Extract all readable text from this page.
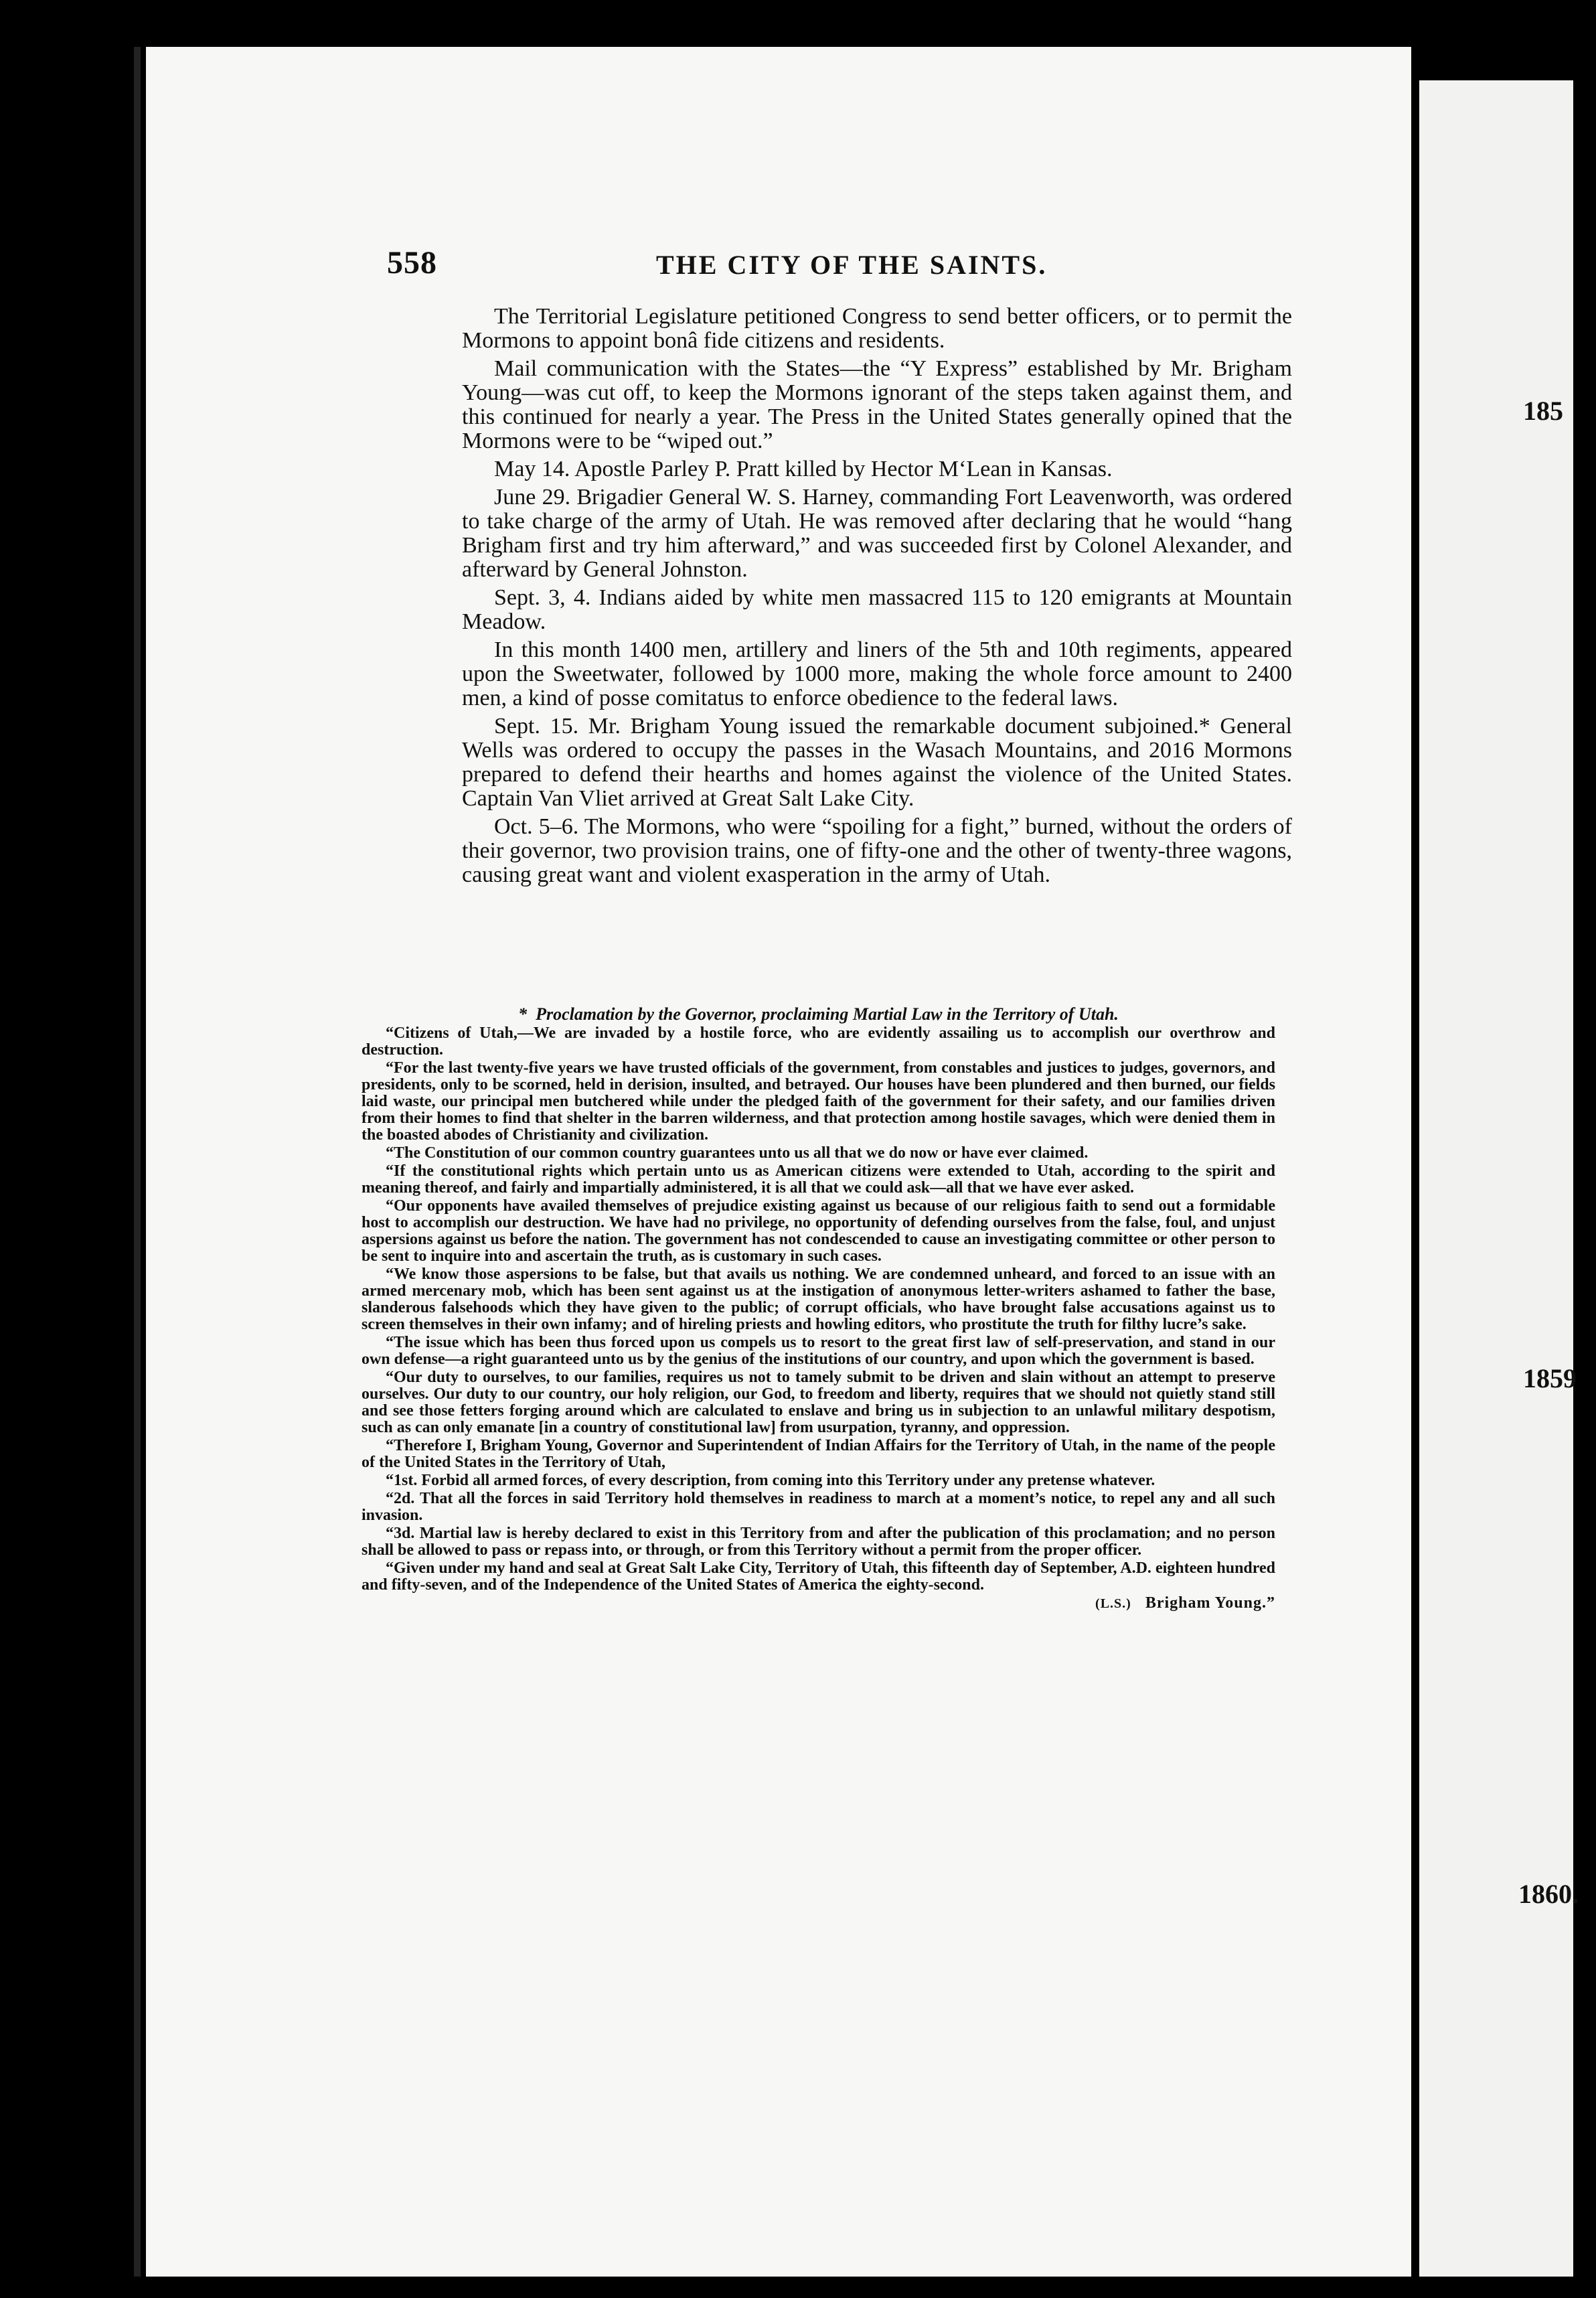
185
1859
1860.
558	THE CITY OF THE SAINTS.

The Territorial Legislature petitioned Congress to send better officers, or to permit the Mormons to appoint bonâ fide citizens and residents.

Mail communication with the States—the “Y Express” established by Mr. Brigham Young—was cut off, to keep the Mormons ignorant of the steps taken against them, and this continued for nearly a year. The Press in the United States generally opined that the Mormons were to be “wiped out.”

May 14. Apostle Parley P. Pratt killed by Hector M‘Lean in Kansas.

June 29. Brigadier General W. S. Harney, commanding Fort Leavenworth, was ordered to take charge of the army of Utah. He was removed after declaring that he would “hang Brigham first and try him afterward,” and was succeeded first by Colonel Alexander, and afterward by General Johnston.

Sept. 3, 4. Indians aided by white men massacred 115 to 120 emigrants at Mountain Meadow.

In this month 1400 men, artillery and liners of the 5th and 10th regiments, appeared upon the Sweetwater, followed by 1000 more, making the whole force amount to 2400 men, a kind of posse comitatus to enforce obedience to the federal laws.

Sept. 15. Mr. Brigham Young issued the remarkable document subjoined.* General Wells was ordered to occupy the passes in the Wasach Mountains, and 2016 Mormons prepared to defend their hearths and homes against the violence of the United States. Captain Van Vliet arrived at Great Salt Lake City.

Oct. 5–6. The Mormons, who were “spoiling for a fight,” burned, without the orders of their governor, two provision trains, one of fifty-one and the other of twenty-three wagons, causing great want and violent exasperation in the army of Utah.

* Proclamation by the Governor, proclaiming Martial Law in the Territory of Utah.

“Citizens of Utah,—We are invaded by a hostile force, who are evidently assailing us to accomplish our overthrow and destruction.

“For the last twenty-five years we have trusted officials of the government, from constables and justices to judges, governors, and presidents, only to be scorned, held in derision, insulted, and betrayed. Our houses have been plundered and then burned, our fields laid waste, our principal men butchered while under the pledged faith of the government for their safety, and our families driven from their homes to find that shelter in the barren wilderness, and that protection among hostile savages, which were denied them in the boasted abodes of Christianity and civilization.

“The Constitution of our common country guarantees unto us all that we do now or have ever claimed.

“If the constitutional rights which pertain unto us as American citizens were extended to Utah, according to the spirit and meaning thereof, and fairly and impartially administered, it is all that we could ask—all that we have ever asked.

“Our opponents have availed themselves of prejudice existing against us because of our religious faith to send out a formidable host to accomplish our destruction. We have had no privilege, no opportunity of defending ourselves from the false, foul, and unjust aspersions against us before the nation. The government has not condescended to cause an investigating committee or other person to be sent to inquire into and ascertain the truth, as is customary in such cases.

“We know those aspersions to be false, but that avails us nothing. We are condemned unheard, and forced to an issue with an armed mercenary mob, which has been sent against us at the instigation of anonymous letter-writers ashamed to father the base, slanderous falsehoods which they have given to the public; of corrupt officials, who have brought false accusations against us to screen themselves in their own infamy; and of hireling priests and howling editors, who prostitute the truth for filthy lucre’s sake.

“The issue which has been thus forced upon us compels us to resort to the great first law of self-preservation, and stand in our own defense—a right guaranteed unto us by the genius of the institutions of our country, and upon which the government is based.

“Our duty to ourselves, to our families, requires us not to tamely submit to be driven and slain without an attempt to preserve ourselves. Our duty to our country, our holy religion, our God, to freedom and liberty, requires that we should not quietly stand still and see those fetters forging around which are calculated to enslave and bring us in subjection to an unlawful military despotism, such as can only emanate [in a country of constitutional law] from usurpation, tyranny, and oppression.

“Therefore I, Brigham Young, Governor and Superintendent of Indian Affairs for the Territory of Utah, in the name of the people of the United States in the Territory of Utah,

“1st. Forbid all armed forces, of every description, from coming into this Territory under any pretense whatever.

“2d. That all the forces in said Territory hold themselves in readiness to march at a moment’s notice, to repel any and all such invasion.

“3d. Martial law is hereby declared to exist in this Territory from and after the publication of this proclamation; and no person shall be allowed to pass or repass into, or through, or from this Territory without a permit from the proper officer.

“Given under my hand and seal at Great Salt Lake City, Territory of Utah, this fifteenth day of September, A.D. eighteen hundred and fifty-seven, and of the Independence of the United States of America the eighty-second.

(L.S.) Brigham Young.”
